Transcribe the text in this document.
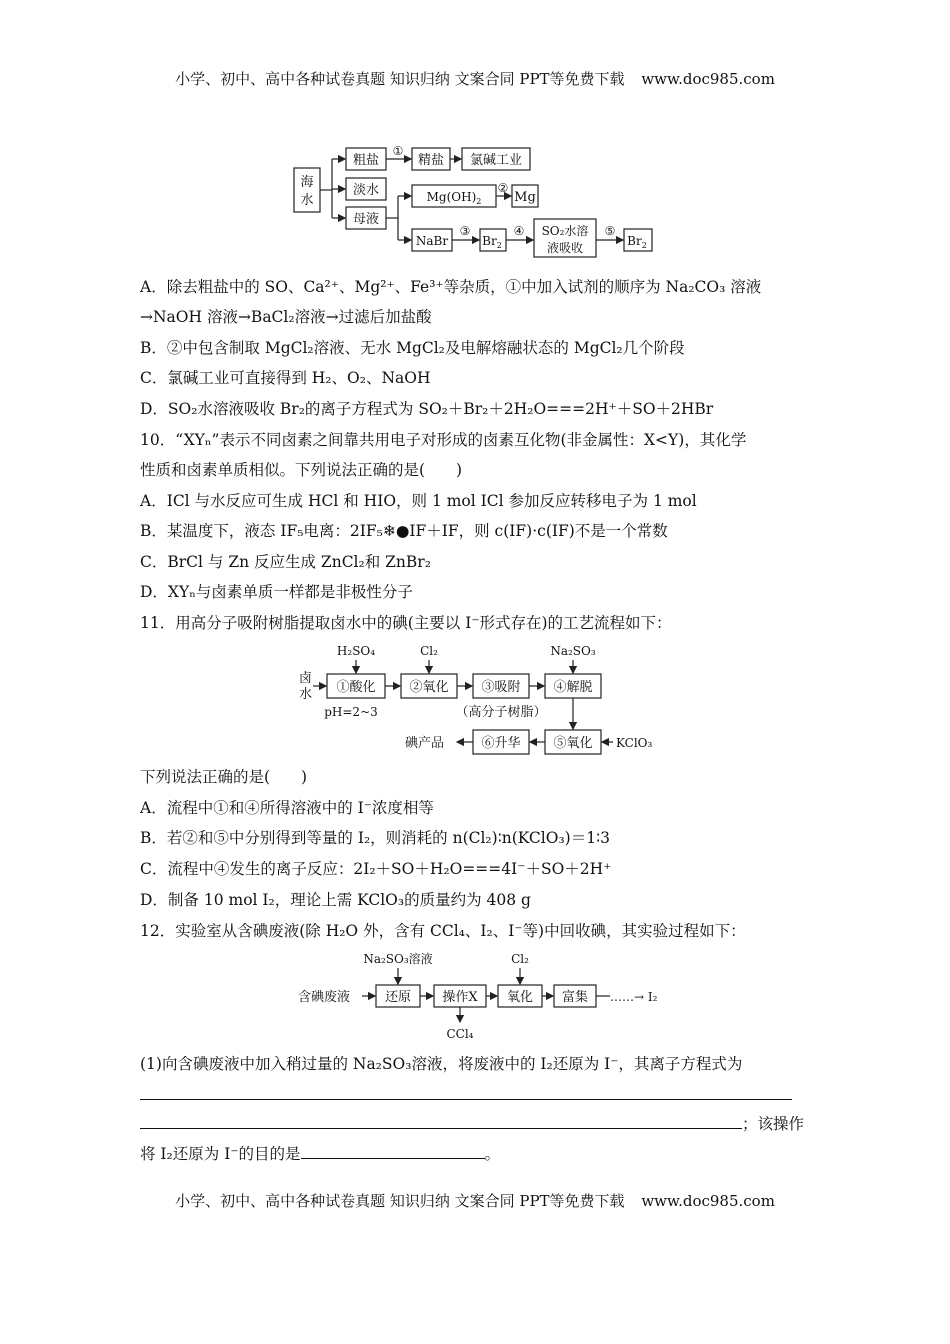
小学、初中、高中各种试卷真题 知识归纳 文案合同 PPT等免费下载 www.doc985.com
海
水
粗盐	精盐 氯碱工业
淡水
母液
$Mg(OH)_2$	Mg
NaBr	$Br_2$
SO₂水溶
液吸收	$Br_2$
①
②
③	④	⑤
A．除去粗盐中的 SO、Ca²⁺、Mg²⁺、Fe³⁺等杂质，①中加入试剂的顺序为 Na₂CO₃ 溶液
→NaOH 溶液→BaCl₂溶液→过滤后加盐酸
B．②中包含制取 MgCl₂溶液、无水 MgCl₂及电解熔融状态的 MgCl₂几个阶段
C．氯碱工业可直接得到 H₂、O₂、NaOH
D．SO₂水溶液吸收 Br₂的离子方程式为 SO₂＋Br₂＋2H₂O===2H⁺＋SO＋2HBr
10．“XYₙ”表示不同卤素之间靠共用电子对形成的卤素互化物(非金属性：X<Y)，其化学
性质和卤素单质相似。下列说法正确的是(　　)
A．ICl 与水反应可生成 HCl 和 HIO，则 1 mol ICl 参加反应转移电子为 1 mol
B．某温度下，液态 IF₅电离：2IF₅❄●IF＋IF，则 c(IF)·c(IF)不是一个常数
C．BrCl 与 Zn 反应生成 ZnCl₂和 ZnBr₂
D．XYₙ与卤素单质一样都是非极性分子
11．用高分子吸附树脂提取卤水中的碘(主要以 I⁻形式存在)的工艺流程如下：
卤
水
H₂SO₄	Cl₂	Na₂SO₃
①酸化	②氧化	③吸附	④解脱
⑤氧化
⑥升华
pH=2~3	（高分子树脂）
碘产品	KClO₃
下列说法正确的是(　　)
A．流程中①和④所得溶液中的 I⁻浓度相等
B．若②和⑤中分别得到等量的 I₂，则消耗的 n(Cl₂)∶n(KClO₃)＝1∶3
C．流程中④发生的离子反应：2I₂＋SO＋H₂O===4I⁻＋SO＋2H⁺
D．制备 10 mol I₂，理论上需 KClO₃的质量约为 408 g
12．实验室从含碘废液(除 H₂O 外，含有 CCl₄、I₂、I⁻等)中回收碘，其实验过程如下：
含碘废液
Na₂SO₃溶液	Cl₂
还原 操作X 氧化 富集
CCl₄
……→ I₂
(1)向含碘废液中加入稍过量的 Na₂SO₃溶液，将废液中的 I₂还原为 I⁻，其离子方程式为
；该操作
将 I₂还原为 I⁻的目的是	。
小学、初中、高中各种试卷真题 知识归纳 文案合同 PPT等免费下载 www.doc985.com
